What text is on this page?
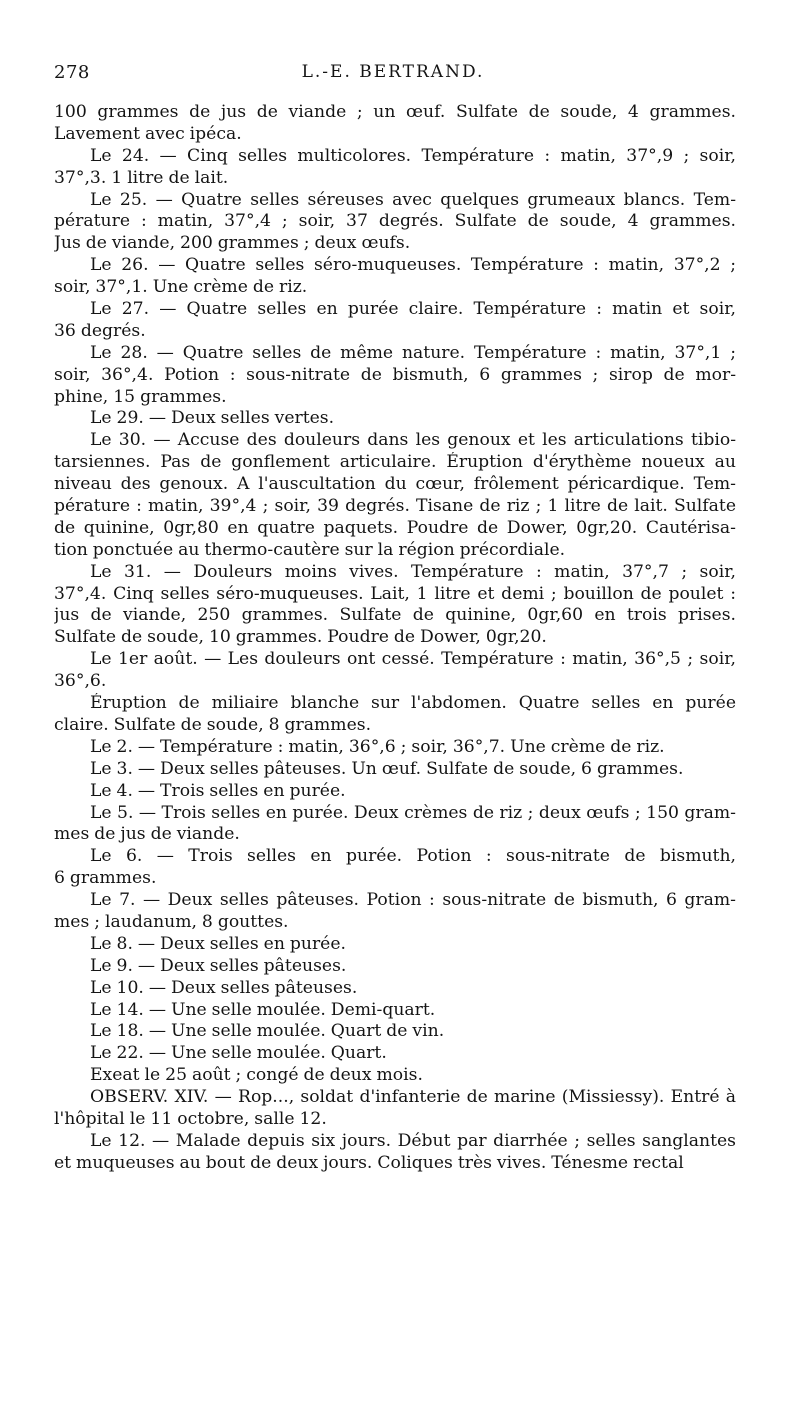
278	L.-E. BERTRAND.
100 grammes de jus de viande ; un œuf. Sulfate de soude, 4 grammes.
Lavement avec ipéca.
Le 24. — Cinq selles multicolores. Température : matin, 37°,9 ; soir,
37°,3. 1 litre de lait.
Le 25. — Quatre selles séreuses avec quelques grumeaux blancs. Tem-
pérature : matin, 37°,4 ; soir, 37 degrés. Sulfate de soude, 4 grammes.
Jus de viande, 200 grammes ; deux œufs.
Le 26. — Quatre selles séro-muqueuses. Température : matin, 37°,2 ;
soir, 37°,1. Une crème de riz.
Le 27. — Quatre selles en purée claire. Température : matin et soir,
36 degrés.
Le 28. — Quatre selles de même nature. Température : matin, 37°,1 ;
soir, 36°,4. Potion : sous-nitrate de bismuth, 6 grammes ; sirop de mor-
phine, 15 grammes.
Le 29. — Deux selles vertes.
Le 30. — Accuse des douleurs dans les genoux et les articulations tibio-
tarsiennes. Pas de gonflement articulaire. Éruption d'érythème noueux au
niveau des genoux. A l'auscultation du cœur, frôlement péricardique. Tem-
pérature : matin, 39°,4 ; soir, 39 degrés. Tisane de riz ; 1 litre de lait. Sulfate
de quinine, 0gr,80 en quatre paquets. Poudre de Dower, 0gr,20. Cautérisa-
tion ponctuée au thermo-cautère sur la région précordiale.
Le 31. — Douleurs moins vives. Température : matin, 37°,7 ; soir,
37°,4. Cinq selles séro-muqueuses. Lait, 1 litre et demi ; bouillon de poulet :
jus de viande, 250 grammes. Sulfate de quinine, 0gr,60 en trois prises.
Sulfate de soude, 10 grammes. Poudre de Dower, 0gr,20.
Le 1er août. — Les douleurs ont cessé. Température : matin, 36°,5 ; soir,
36°,6.
Éruption de miliaire blanche sur l'abdomen. Quatre selles en purée
claire. Sulfate de soude, 8 grammes.
Le 2. — Température : matin, 36°,6 ; soir, 36°,7. Une crème de riz.
Le 3. — Deux selles pâteuses. Un œuf. Sulfate de soude, 6 grammes.
Le 4. — Trois selles en purée.
Le 5. — Trois selles en purée. Deux crèmes de riz ; deux œufs ; 150 gram-
mes de jus de viande.
Le 6. — Trois selles en purée. Potion : sous-nitrate de bismuth,
6 grammes.
Le 7. — Deux selles pâteuses. Potion : sous-nitrate de bismuth, 6 gram-
mes ; laudanum, 8 gouttes.
Le 8. — Deux selles en purée.
Le 9. — Deux selles pâteuses.
Le 10. — Deux selles pâteuses.
Le 14. — Une selle moulée. Demi-quart.
Le 18. — Une selle moulée. Quart de vin.
Le 22. — Une selle moulée. Quart.
Exeat le 25 août ; congé de deux mois.
OBSERV. XIV. — Rop..., soldat d'infanterie de marine (Missiessy). Entré à
l'hôpital le 11 octobre, salle 12.
Le 12. — Malade depuis six jours. Début par diarrhée ; selles sanglantes
et muqueuses au bout de deux jours. Coliques très vives. Ténesme rectal
